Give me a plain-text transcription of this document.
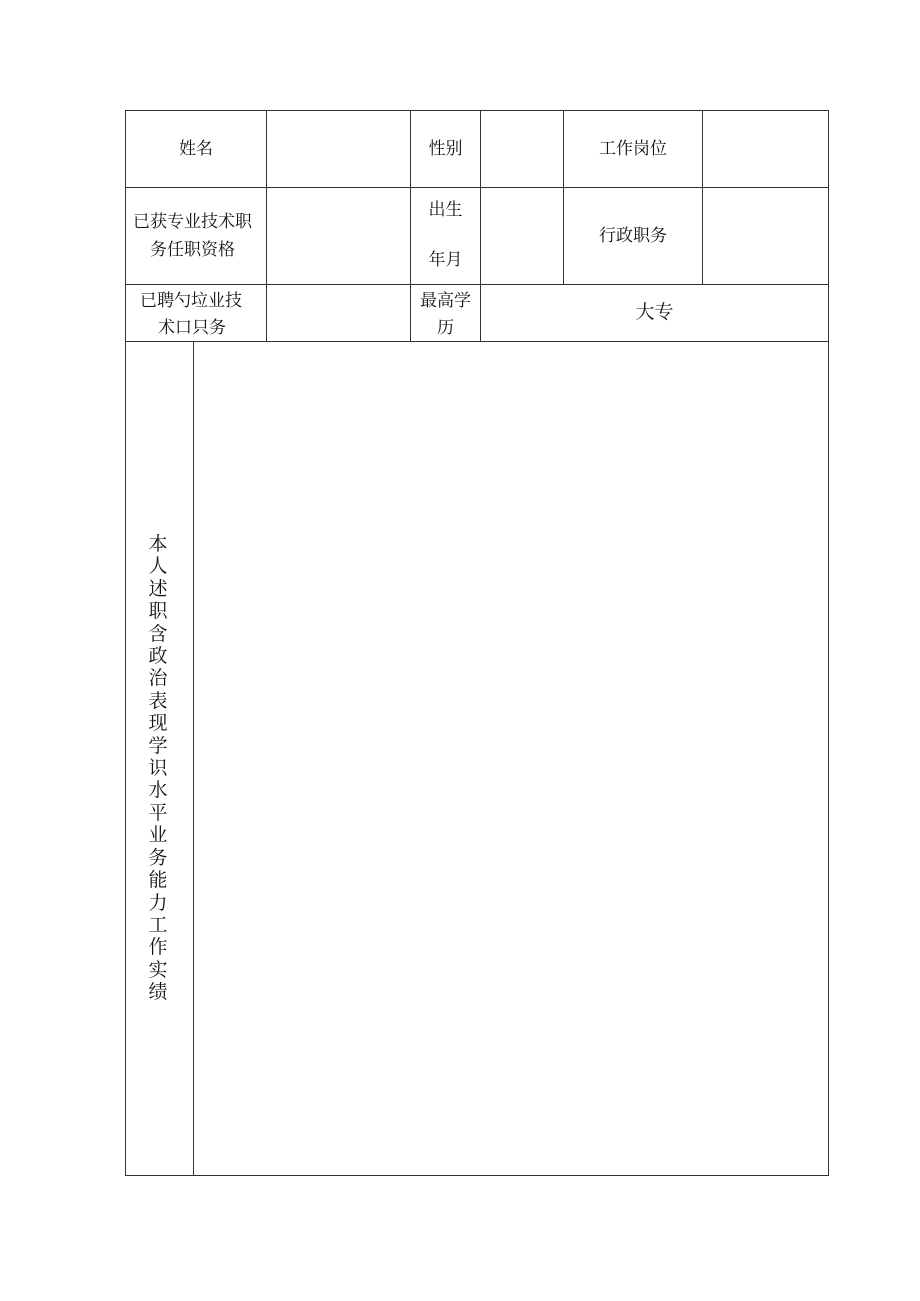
姓名	性别	工作岗位
已获专业技术职
务任职资格
出生
年月
行政职务
已聘勺垃业技
术口只务
最高学
历
大专
本人述职含政治表现学识水平业务能力工作实绩
